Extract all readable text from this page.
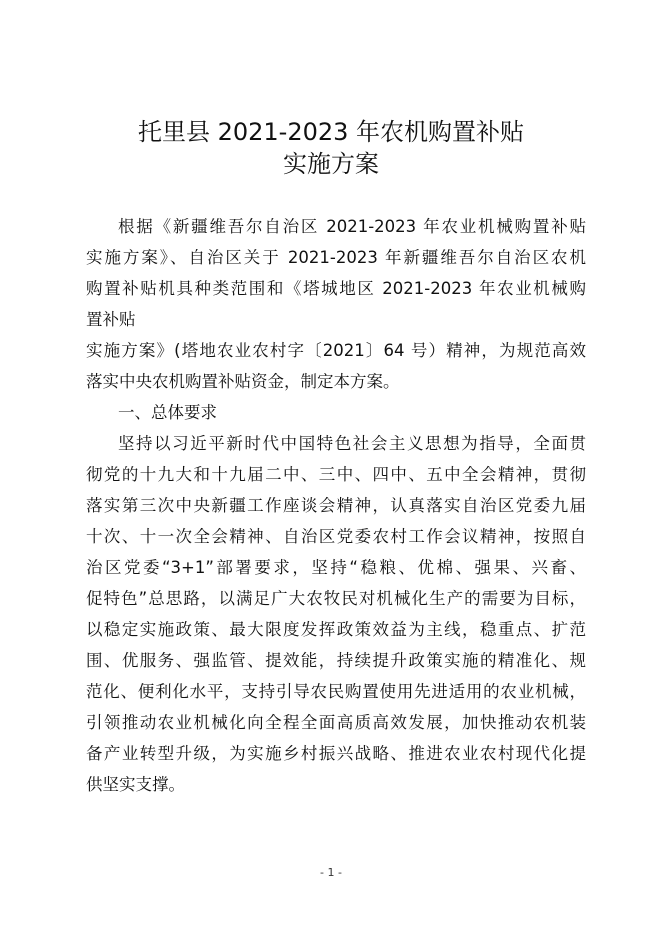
托里县 2021-2023 年农机购置补贴
实施方案
根据《新疆维吾尔自治区 2021-2023 年农业机械购置补贴
实施方案》、自治区关于 2021-2023 年新疆维吾尔自治区农机
购置补贴机具种类范围和《塔城地区 2021-2023 年农业机械购
置补贴
实施方案》(塔地农业农村字〔2021〕64 号）精神，为规范高效
落实中央农机购置补贴资金，制定本方案。
一、总体要求
坚持以习近平新时代中国特色社会主义思想为指导，全面贯
彻党的十九大和十九届二中、三中、四中、五中全会精神，贯彻
落实第三次中央新疆工作座谈会精神，认真落实自治区党委九届
十次、十一次全会精神、自治区党委农村工作会议精神，按照自
治区党委“3+1”部署要求，坚持“稳粮、优棉、强果、兴畜、
促特色”总思路，以满足广大农牧民对机械化生产的需要为目标，
以稳定实施政策、最大限度发挥政策效益为主线，稳重点、扩范
围、优服务、强监管、提效能，持续提升政策实施的精准化、规
范化、便利化水平，支持引导农民购置使用先进适用的农业机械，
引领推动农业机械化向全程全面高质高效发展，加快推动农机装
备产业转型升级，为实施乡村振兴战略、推进农业农村现代化提
供坚实支撑。
- 1 -
